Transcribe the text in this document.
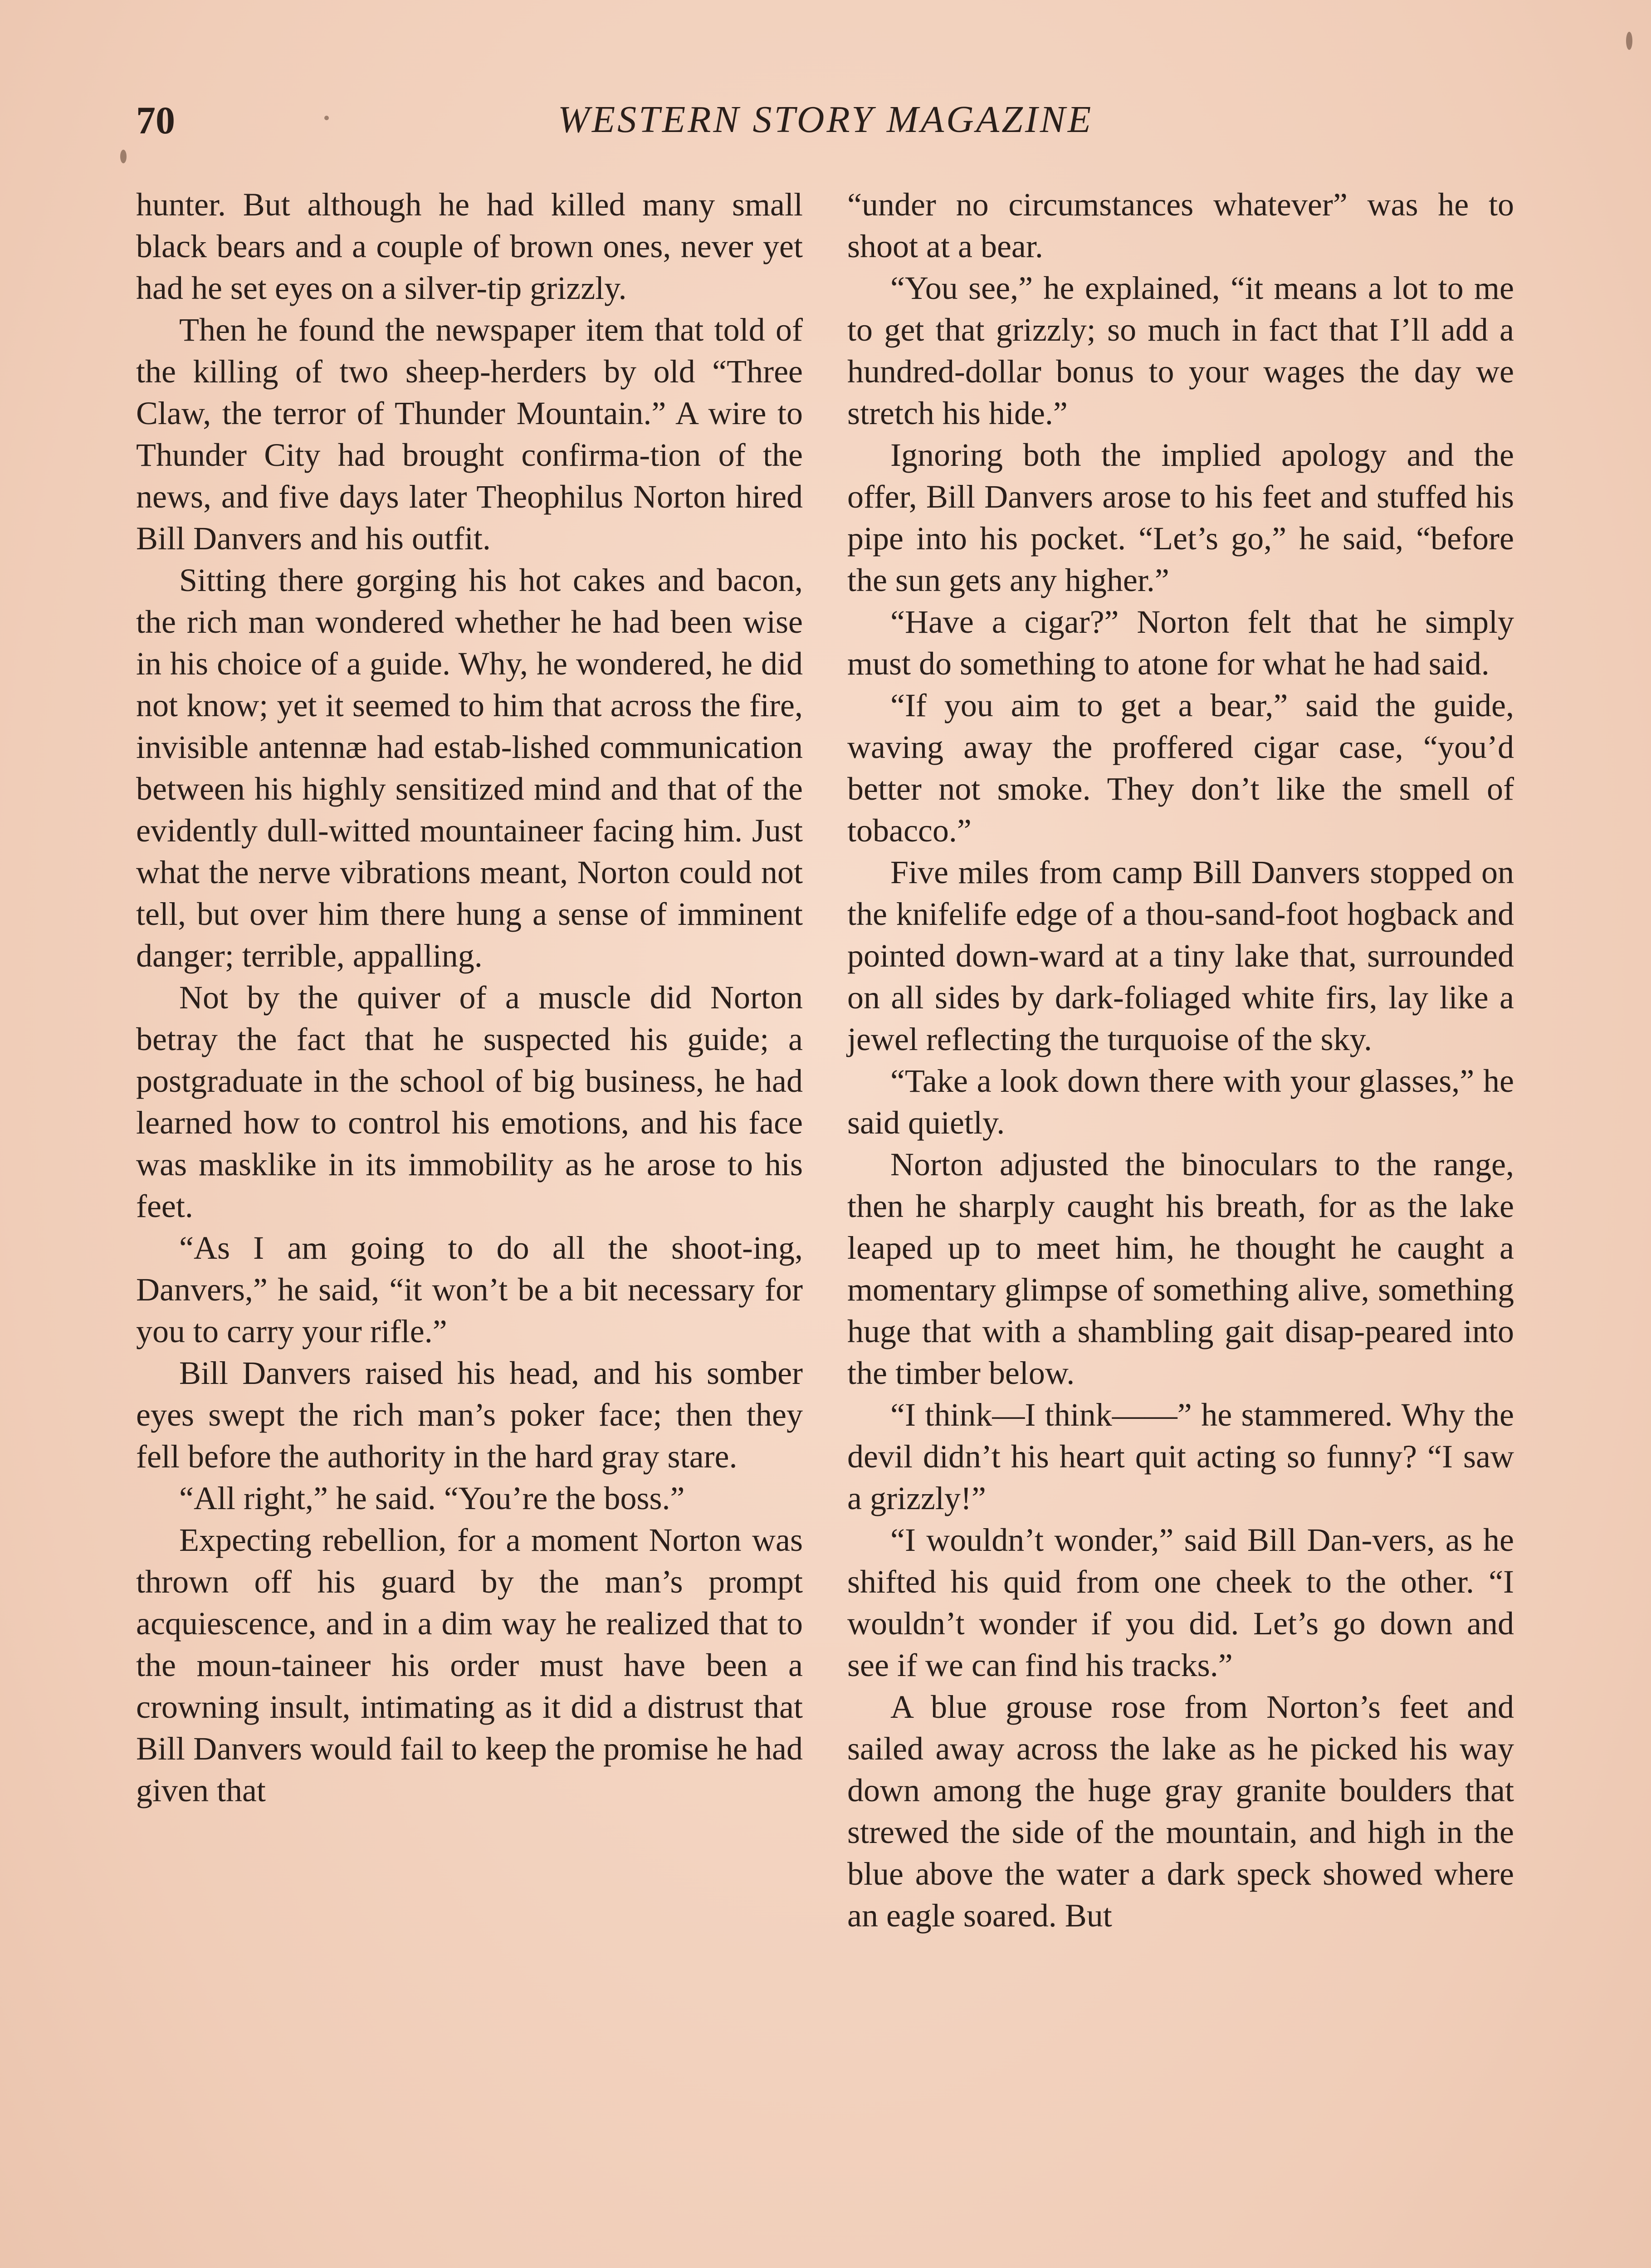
70	WESTERN STORY MAGAZINE

hunter. But although he had killed many small black bears and a couple of brown ones, never yet had he set eyes on a silver-tip grizzly.

Then he found the newspaper item that told of the killing of two sheep-herders by old “Three Claw, the terror of Thunder Mountain.” A wire to Thunder City had brought confirma-tion of the news, and five days later Theophilus Norton hired Bill Danvers and his outfit.

Sitting there gorging his hot cakes and bacon, the rich man wondered whether he had been wise in his choice of a guide. Why, he wondered, he did not know; yet it seemed to him that across the fire, invisible antennæ had estab-lished communication between his highly sensitized mind and that of the evidently dull-witted mountaineer facing him. Just what the nerve vibrations meant, Norton could not tell, but over him there hung a sense of imminent danger; terrible, appalling.

Not by the quiver of a muscle did Norton betray the fact that he suspected his guide; a postgraduate in the school of big business, he had learned how to control his emotions, and his face was masklike in its immobility as he arose to his feet.

“As I am going to do all the shoot-ing, Danvers,” he said, “it won’t be a bit necessary for you to carry your rifle.”

Bill Danvers raised his head, and his somber eyes swept the rich man’s poker face; then they fell before the authority in the hard gray stare.

“All right,” he said. “You’re the boss.”

Expecting rebellion, for a moment Norton was thrown off his guard by the man’s prompt acquiescence, and in a dim way he realized that to the moun-taineer his order must have been a crowning insult, intimating as it did a distrust that Bill Danvers would fail to keep the promise he had given that

“under no circumstances whatever” was he to shoot at a bear.

“You see,” he explained, “it means a lot to me to get that grizzly; so much in fact that I’ll add a hundred-dollar bonus to your wages the day we stretch his hide.”

Ignoring both the implied apology and the offer, Bill Danvers arose to his feet and stuffed his pipe into his pocket. “Let’s go,” he said, “before the sun gets any higher.”

“Have a cigar?” Norton felt that he simply must do something to atone for what he had said.

“If you aim to get a bear,” said the guide, waving away the proffered cigar case, “you’d better not smoke. They don’t like the smell of tobacco.”

Five miles from camp Bill Danvers stopped on the knifelife edge of a thou-sand-foot hogback and pointed down-ward at a tiny lake that, surrounded on all sides by dark-foliaged white firs, lay like a jewel reflecting the turquoise of the sky.

“Take a look down there with your glasses,” he said quietly.

Norton adjusted the binoculars to the range, then he sharply caught his breath, for as the lake leaped up to meet him, he thought he caught a momentary glimpse of something alive, something huge that with a shambling gait disap-peared into the timber below.

“I think—I think——” he stammered. Why the devil didn’t his heart quit acting so funny? “I saw a grizzly!”

“I wouldn’t wonder,” said Bill Dan-vers, as he shifted his quid from one cheek to the other. “I wouldn’t wonder if you did. Let’s go down and see if we can find his tracks.”

A blue grouse rose from Norton’s feet and sailed away across the lake as he picked his way down among the huge gray granite boulders that strewed the side of the mountain, and high in the blue above the water a dark speck showed where an eagle soared. But
